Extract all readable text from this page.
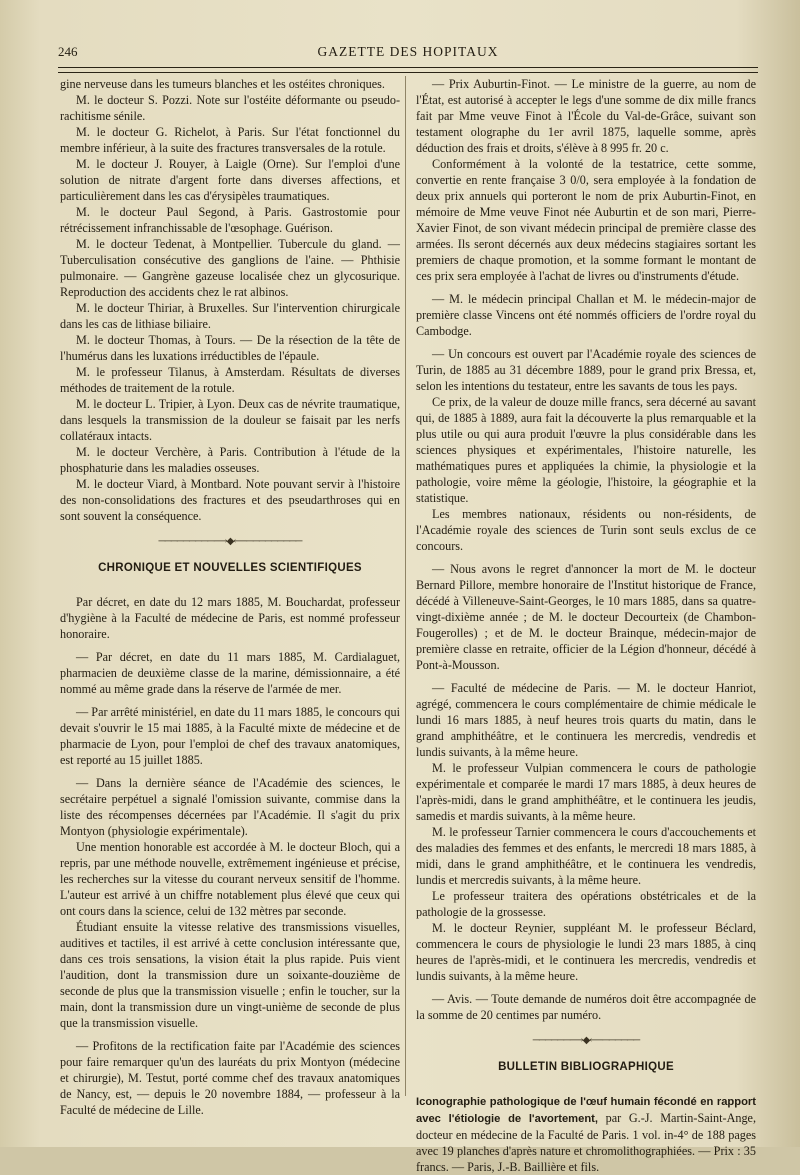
246	GAZETTE DES HOPITAUX

gine nerveuse dans les tumeurs blanches et les ostéites chroniques.

M. le docteur S. Pozzi. Note sur l'ostéite déformante ou pseudo-rachitisme sénile.

M. le docteur G. Richelot, à Paris. Sur l'état fonctionnel du membre inférieur, à la suite des fractures transversales de la rotule.

M. le docteur J. Rouyer, à Laigle (Orne). Sur l'emploi d'une solution de nitrate d'argent forte dans diverses affections, et particulièrement dans les cas d'érysipèles traumatiques.

M. le docteur Paul Segond, à Paris. Gastrostomie pour rétrécissement infranchissable de l'œsophage. Guérison.

M. le docteur Tedenat, à Montpellier. Tubercule du gland. — Tuberculisation consécutive des ganglions de l'aine. — Phthisie pulmonaire. — Gangrène gazeuse localisée chez un glycosurique. Reproduction des accidents chez le rat albinos.

M. le docteur Thiriar, à Bruxelles. Sur l'intervention chirurgicale dans les cas de lithiase biliaire.

M. le docteur Thomas, à Tours. — De la résection de la tête de l'humérus dans les luxations irréductibles de l'épaule.

M. le professeur Tilanus, à Amsterdam. Résultats de diverses méthodes de traitement de la rotule.

M. le docteur L. Tripier, à Lyon. Deux cas de névrite traumatique, dans lesquels la transmission de la douleur se faisait par les nerfs collatéraux intacts.

M. le docteur Verchère, à Paris. Contribution à l'étude de la phosphaturie dans les maladies osseuses.

M. le docteur Viard, à Montbard. Note pouvant servir à l'histoire des non-consolidations des fractures et des pseudarthroses qui en sont souvent la conséquence.

─────────⟶◆⟵─────────
CHRONIQUE ET NOUVELLES SCIENTIFIQUES

Par décret, en date du 12 mars 1885, M. Bouchardat, professeur d'hygiène à la Faculté de médecine de Paris, est nommé professeur honoraire.

— Par décret, en date du 11 mars 1885, M. Cardialaguet, pharmacien de deuxième classe de la marine, démissionnaire, a été nommé au même grade dans la réserve de l'armée de mer.

— Par arrêté ministériel, en date du 11 mars 1885, le concours qui devait s'ouvrir le 15 mai 1885, à la Faculté mixte de médecine et de pharmacie de Lyon, pour l'emploi de chef des travaux anatomiques, est reporté au 15 juillet 1885.

— Dans la dernière séance de l'Académie des sciences, le secrétaire perpétuel a signalé l'omission suivante, commise dans la liste des récompenses décernées par l'Académie. Il s'agit du prix Montyon (physiologie expérimentale).

Une mention honorable est accordée à M. le docteur Bloch, qui a repris, par une méthode nouvelle, extrêmement ingénieuse et précise, les recherches sur la vitesse du courant nerveux sensitif de l'homme. L'auteur est arrivé à un chiffre notablement plus élevé que ceux qui ont cours dans la science, celui de 132 mètres par seconde.

Étudiant ensuite la vitesse relative des transmissions visuelles, auditives et tactiles, il est arrivé à cette conclusion intéressante que, dans ces trois sensations, la vision était la plus rapide. Puis vient l'audition, dont la transmission dure un soixante-douzième de seconde de plus que la transmission visuelle ; enfin le toucher, sur la main, dont la transmission dure un vingt-unième de seconde de plus que la transmission visuelle.

— Profitons de la rectification faite par l'Académie des sciences pour faire remarquer qu'un des lauréats du prix Montyon (médecine et chirurgie), M. Testut, porté comme chef des travaux anatomiques de Nancy, est, — depuis le 20 novembre 1884, — professeur à la Faculté de médecine de Lille.

— Prix Auburtin-Finot. — Le ministre de la guerre, au nom de l'État, est autorisé à accepter le legs d'une somme de dix mille francs fait par Mme veuve Finot à l'École du Val-de-Grâce, suivant son testament olographe du 1er avril 1875, laquelle somme, après déduction des frais et droits, s'élève à 8 995 fr. 20 c.

Conformément à la volonté de la testatrice, cette somme, convertie en rente française 3 0/0, sera employée à la fondation de deux prix annuels qui porteront le nom de prix Auburtin-Finot, en mémoire de Mme veuve Finot née Auburtin et de son mari, Pierre-Xavier Finot, de son vivant médecin principal de première classe des armées. Ils seront décernés aux deux médecins stagiaires sortant les premiers de chaque promotion, et la somme formant le montant de ces prix sera employée à l'achat de livres ou d'instruments d'étude.

— M. le médecin principal Challan et M. le médecin-major de première classe Vincens ont été nommés officiers de l'ordre royal du Cambodge.

— Un concours est ouvert par l'Académie royale des sciences de Turin, de 1885 au 31 décembre 1889, pour le grand prix Bressa, et, selon les intentions du testateur, entre les savants de tous les pays.

Ce prix, de la valeur de douze mille francs, sera décerné au savant qui, de 1885 à 1889, aura fait la découverte la plus remarquable et la plus utile ou qui aura produit l'œuvre la plus considérable dans les sciences physiques et expérimentales, l'histoire naturelle, les mathématiques pures et appliquées la chimie, la physiologie et la pathologie, voire même la géologie, l'histoire, la géographie et la statistique.

Les membres nationaux, résidents ou non-résidents, de l'Académie royale des sciences de Turin sont seuls exclus de ce concours.

— Nous avons le regret d'annoncer la mort de M. le docteur Bernard Pillore, membre honoraire de l'Institut historique de France, décédé à Villeneuve-Saint-Georges, le 10 mars 1885, dans sa quatre-vingt-dixième année ; de M. le docteur Decourteix (de Chambon-Fougerolles) ; et de M. le docteur Brainque, médecin-major de première classe en retraite, officier de la Légion d'honneur, décédé à Pont-à-Mousson.

— Faculté de médecine de Paris. — M. le docteur Hanriot, agrégé, commencera le cours complémentaire de chimie médicale le lundi 16 mars 1885, à neuf heures trois quarts du matin, dans le grand amphithéâtre, et le continuera les mercredis, vendredis et lundis suivants, à la même heure.

M. le professeur Vulpian commencera le cours de pathologie expérimentale et comparée le mardi 17 mars 1885, à deux heures de l'après-midi, dans le grand amphithéâtre, et le continuera les jeudis, samedis et mardis suivants, à la même heure.

M. le professeur Tarnier commencera le cours d'accouchements et des maladies des femmes et des enfants, le mercredi 18 mars 1885, à midi, dans le grand amphithéâtre, et le continuera les vendredis, lundis et mercredis suivants, à la même heure.

Le professeur traitera des opérations obstétricales et de la pathologie de la grossesse.

M. le docteur Reynier, suppléant M. le professeur Béclard, commencera le cours de physiologie le lundi 23 mars 1885, à cinq heures de l'après-midi, et le continuera les mercredis, vendredis et lundis suivants, à la même heure.

— Avis. — Toute demande de numéros doit être accompagnée de la somme de 20 centimes par numéro.

──────⟶◆⟵──────
BULLETIN BIBLIOGRAPHIQUE

Iconographie pathologique de l'œuf humain fécondé en rapport avec l'étiologie de l'avortement, par G.-J. Martin-Saint-Ange, docteur en médecine de la Faculté de Paris. 1 vol. in-4° de 188 pages avec 19 planches d'après nature et chromolithographiées. — Prix : 35 francs. — Paris, J.-B. Baillière et fils.
